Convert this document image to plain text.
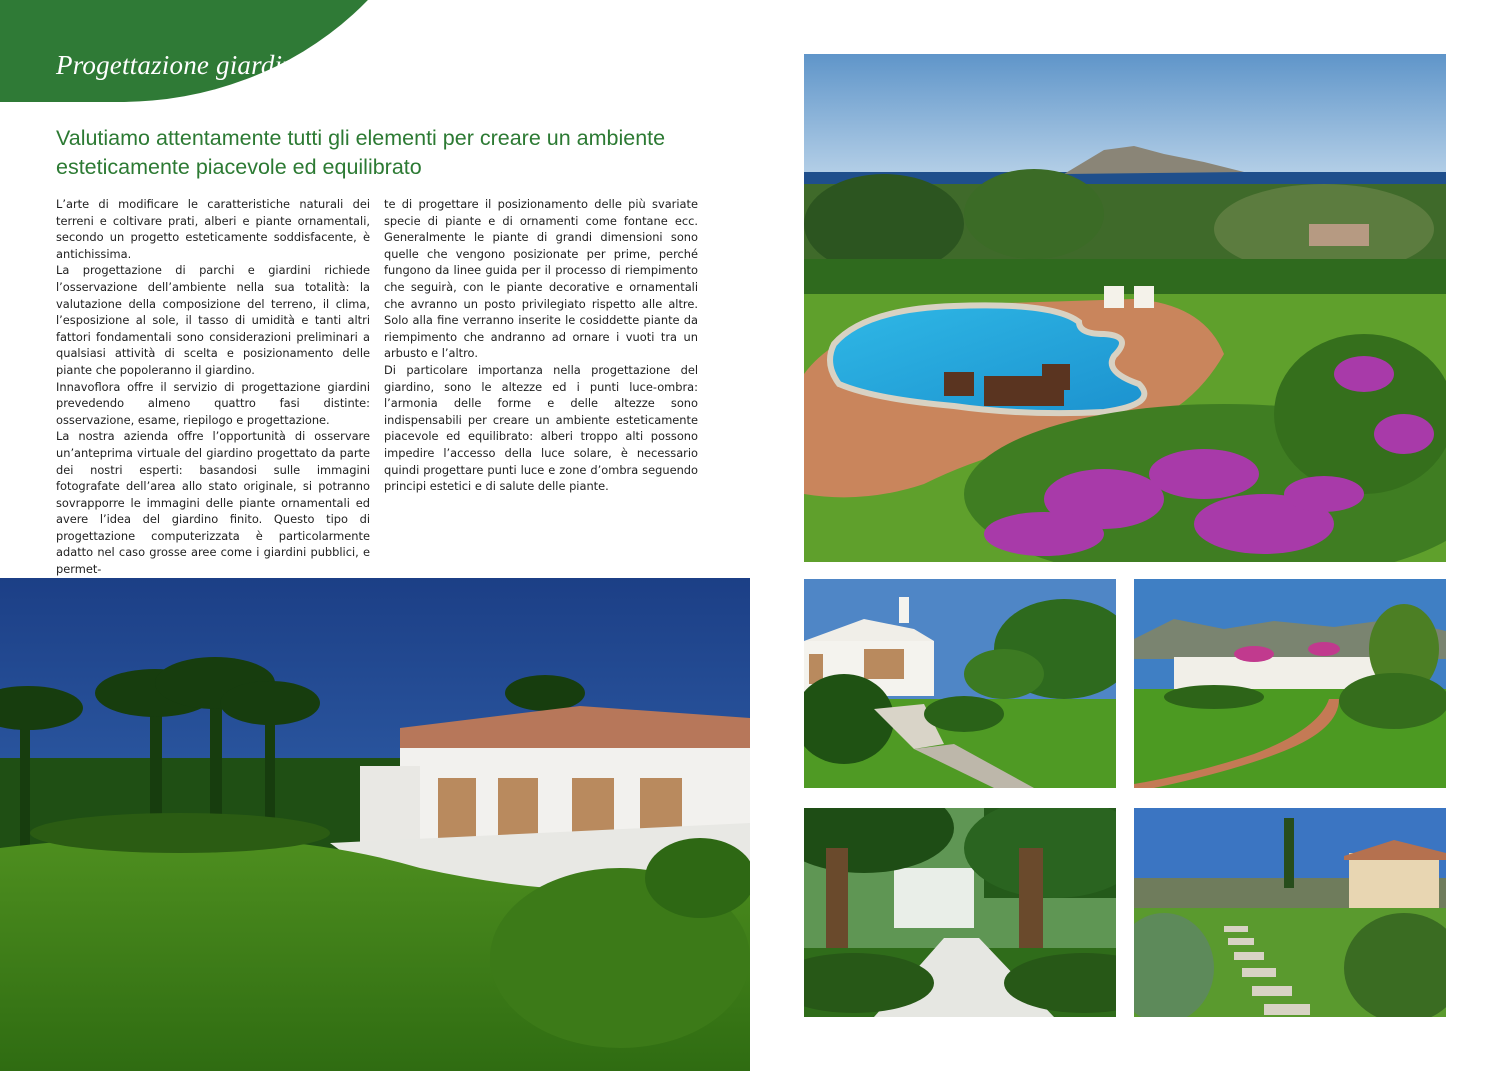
Progettazione giardini
Valutiamo attentamente tutti gli elementi per creare un ambiente esteticamente piacevole ed equilibrato

L’arte di modificare le caratteristiche naturali dei terreni e coltivare prati, alberi e piante ornamentali, secondo un progetto esteticamente soddisfacente, è antichissima.

La progettazione di parchi e giardini richiede l’osservazione dell’ambiente nella sua totalità: la valutazione della composizione del terreno, il clima, l’esposizione al sole, il tasso di umidità e tanti altri fattori fondamentali sono considerazioni preliminari a qualsiasi attività di scelta e posizionamento delle piante che popoleranno il giardino.

Innavoflora offre il servizio di progettazione giardini prevedendo almeno quattro fasi distinte: osservazione, esame, riepilogo e progettazione.

La nostra azienda offre l’opportunità di osservare un’anteprima virtuale del giardino progettato da parte dei nostri esperti: basandosi sulle immagini fotografate dell’area allo stato originale, si potranno sovrapporre le immagini delle piante ornamentali ed avere l’idea del giardino finito. Questo tipo di progettazione computerizzata è particolarmente adatto nel caso grosse aree come i giardini pubblici, e permet-

te di progettare il posizionamento delle più svariate specie di piante e di ornamenti come fontane ecc. Generalmente le piante di grandi dimensioni sono quelle che vengono posizionate per prime, perché fungono da linee guida per il processo di riempimento che seguirà, con le piante decorative e ornamentali che avranno un posto privilegiato rispetto alle altre. Solo alla fine verranno inserite le cosiddette piante da riempimento che andranno ad ornare i vuoti tra un arbusto e l’altro.

Di particolare importanza nella progettazione del giardino, sono le altezze ed i punti luce-ombra: l’armonia delle forme e delle altezze sono indispensabili per creare un ambiente esteticamente piacevole ed equilibrato: alberi troppo alti possono impedire l’accesso della luce solare, è necessario quindi progettare punti luce e zone d’ombra seguendo principi estetici e di salute delle piante.
